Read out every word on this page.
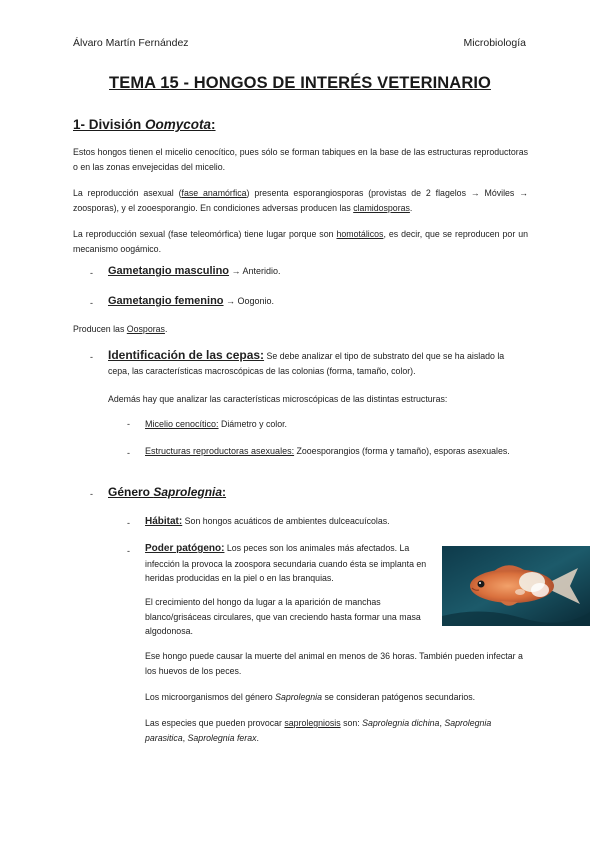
Álvaro Martín Fernández	Microbiología
TEMA 15 - HONGOS DE INTERÉS VETERINARIO
1- División Oomycota:
Estos hongos tienen el micelio cenocítico, pues sólo se forman tabiques en la base de las estructuras reproductoras o en las zonas envejecidas del micelio.
La reproducción asexual (fase anamórfica) presenta esporangiosporas (provistas de 2 flagelos → Móviles → zoosporas), y el zooesporangio. En condiciones adversas producen las clamidosporas.
La reproducción sexual (fase teleomórfica) tiene lugar porque son homotálicos, es decir, que se reproducen por un mecanismo oogámico.
- Gametangio masculino → Anteridio.
- Gametangio femenino → Oogonio.
Producen las Oosporas.
- Identificación de las cepas: Se debe analizar el tipo de substrato del que se ha aislado la cepa, las características macroscópicas de las colonias (forma, tamaño, color).
Además hay que analizar las características microscópicas de las distintas estructuras:
- Micelio cenocítico: Diámetro y color.
- Estructuras reproductoras asexuales: Zooesporangios (forma y tamaño), esporas asexuales.
- Género Saprolegnia:
- Hábitat: Son hongos acuáticos de ambientes dulceacuícolas.
- Poder patógeno: Los peces son los animales más afectados. La infección la provoca la zoospora secundaria cuando ésta se implanta en heridas producidas en la piel o en las branquias.
El crecimiento del hongo da lugar a la aparición de manchas blanco/grisáceas circulares, que van creciendo hasta formar una masa algodonosa.
Ese hongo puede causar la muerte del animal en menos de 36 horas. También pueden infectar a los huevos de los peces.
Los microorganismos del género Saprolegnia se consideran patógenos secundarios.
Las especies que pueden provocar saprolegniosis son: Saprolegnia dichina, Saprolegnia parasitica, Saprolegnia ferax.
